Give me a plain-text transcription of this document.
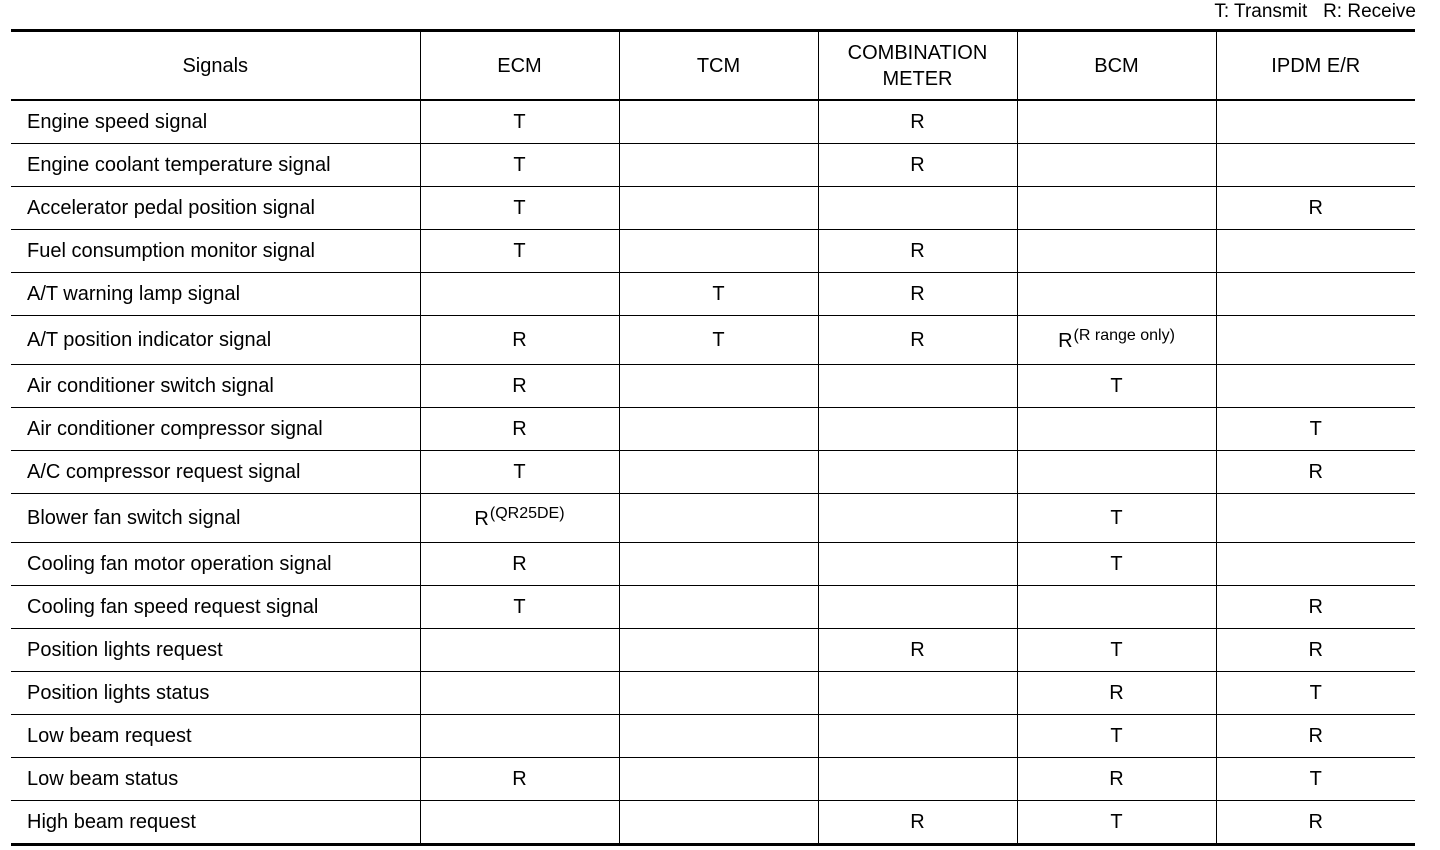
T: Transmit   R: Receive
Signals	ECM	TCM	COMBINATION
METER	BCM	IPDM E/R
Engine speed signal	T		R		
Engine coolant temperature signal	T		R		
Accelerator pedal position signal	T				R
Fuel consumption monitor signal	T		R		
A/T warning lamp signal		T	R		
A/T position indicator signal	R	T	R	R$^{(R range only)}$	
Air conditioner switch signal	R			T	
Air conditioner compressor signal	R				T
A/C compressor request signal	T				R
Blower fan switch signal	R$^{(QR25DE)}$			T	
Cooling fan motor operation signal	R			T	
Cooling fan speed request signal	T				R
Position lights request			R	T	R
Position lights status				R	T
Low beam request				T	R
Low beam status	R			R	T
High beam request			R	T	R
